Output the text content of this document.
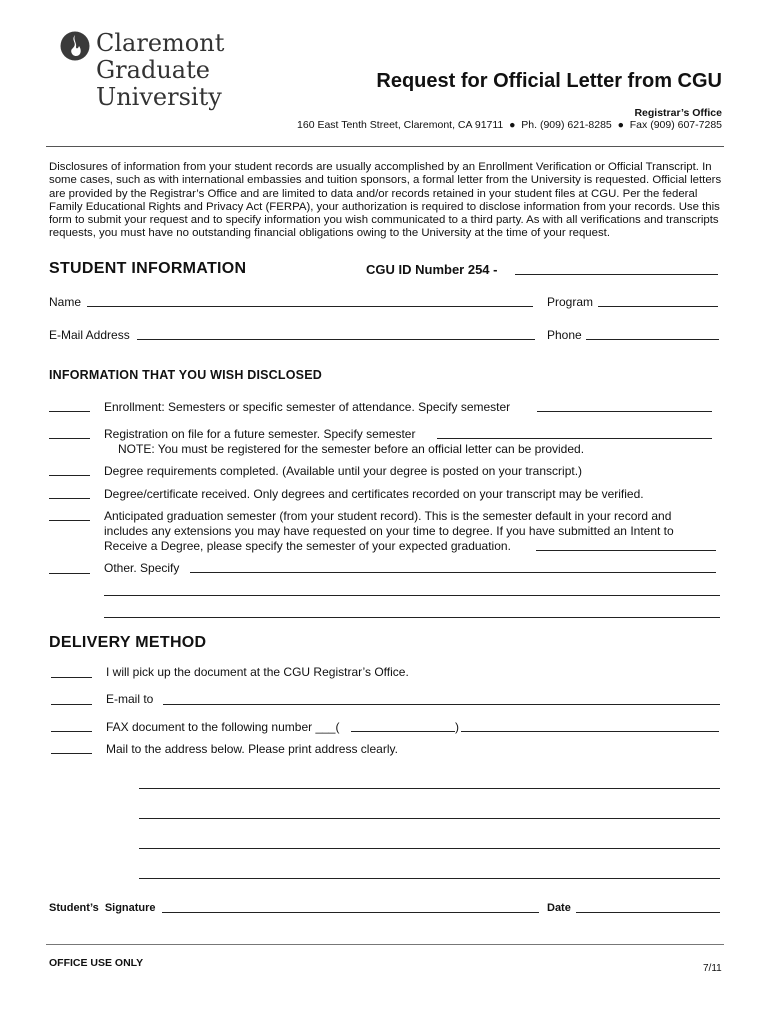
Claremont
Graduate
University
Request for Official Letter from CGU
Registrar’s Office
160 East Tenth Street, Claremont, CA 91711  ●  Ph. (909) 621-8285  ●  Fax (909) 607-7285
Disclosures of information from your student records are usually accomplished by an Enrollment Verification or Official Transcript. In
some cases, such as with international embassies and tuition sponsors, a formal letter from the University is requested. Official letters
are provided by the Registrar’s Office and are limited to data and/or records retained in your student files at CGU. Per the federal
Family Educational Rights and Privacy Act (FERPA), your authorization is required to disclose information from your records. Use this
form to submit your request and to specify information you wish communicated to a third party. As with all verifications and transcripts
requests, you must have no outstanding financial obligations owing to the University at the time of your request.
STUDENT INFORMATION	CGU ID Number 254 -
Name	Program
E-Mail Address	Phone
INFORMATION THAT YOU WISH DISCLOSED
Enrollment: Semesters or specific semester of attendance. Specify semester
Registration on file for a future semester. Specify semester
NOTE: You must be registered for the semester before an official letter can be provided.
Degree requirements completed. (Available until your degree is posted on your transcript.)
Degree/certificate received. Only degrees and certificates recorded on your transcript may be verified.
Anticipated graduation semester (from your student record). This is the semester default in your record and
includes any extensions you may have requested on your time to degree. If you have submitted an Intent to
Receive a Degree, please specify the semester of your expected graduation.
Other. Specify
DELIVERY METHOD
I will pick up the document at the CGU Registrar’s Office.
E-mail to
FAX document to the following number ___(	)
Mail to the address below. Please print address clearly.
Student’s  Signature	Date
OFFICE USE ONLY	7/11
